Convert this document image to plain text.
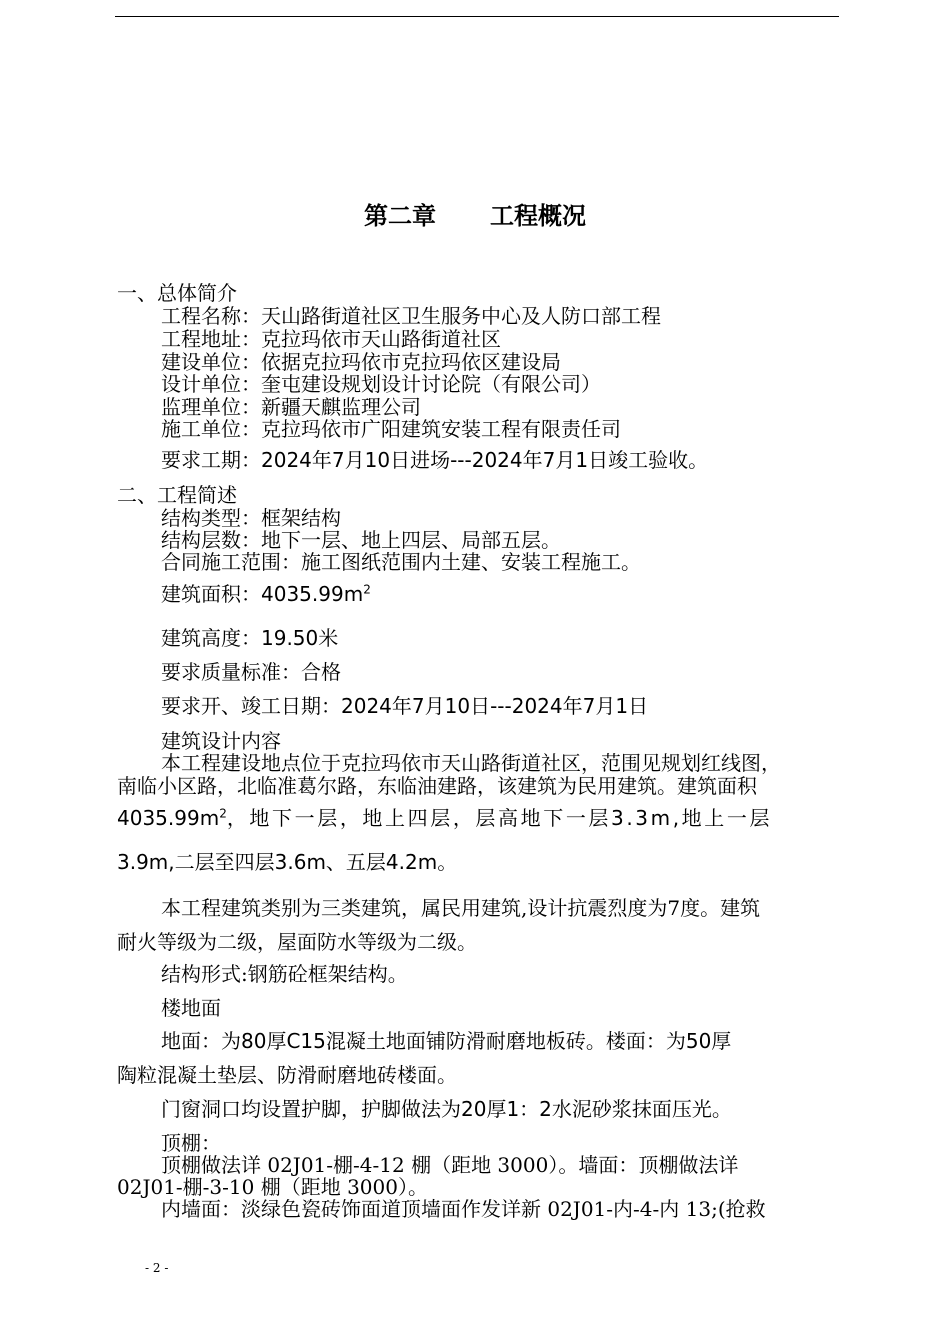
第二章 工程概况
一、总体简介
工程名称：天山路街道社区卫生服务中心及人防口部工程
工程地址：克拉玛依市天山路街道社区
建设单位：依据克拉玛依市克拉玛依区建设局
设计单位：奎屯建设规划设计讨论院（有限公司）
监理单位：新疆天麒监理公司
施工单位：克拉玛依市广阳建筑安装工程有限责任司
要求工期：2024年7月10日进场---2024年7月1日竣工验收。
二、工程简述
结构类型：框架结构
结构层数：地下一层、地上四层、局部五层。
合同施工范围：施工图纸范围内土建、安装工程施工。
建筑面积：$4035.99m^2$
建筑高度：19.50米
要求质量标准：合格
要求开、竣工日期：2024年7月10日---2024年7月1日
建筑设计内容
本工程建设地点位于克拉玛依市天山路街道社区，范围见规划红线图，
南临小区路，北临准葛尔路，东临油建路，该建筑为民用建筑。建筑面积
$4035.99m^2$，地下一层，地上四层，层高地下一层3.3m,地上一层
3.9m,二层至四层3.6m、五层4.2m。
本工程建筑类别为三类建筑，属民用建筑,设计抗震烈度为7度。建筑
耐火等级为二级，屋面防水等级为二级。
结构形式:钢筋砼框架结构。
楼地面
地面：为80厚C15混凝土地面铺防滑耐磨地板砖。楼面：为50厚
陶粒混凝土垫层、防滑耐磨地砖楼面。
门窗洞口均设置护脚，护脚做法为20厚1：2水泥砂浆抹面压光。
顶棚：
顶棚做法详 02J01-棚-4-12 棚（距地 3000）。墙面：顶棚做法详
02J01-棚-3-10 棚（距地 3000）。
内墙面：淡绿色瓷砖饰面道顶墙面作发详新 02J01-内-4-内 13;(抢救
- 2 -
